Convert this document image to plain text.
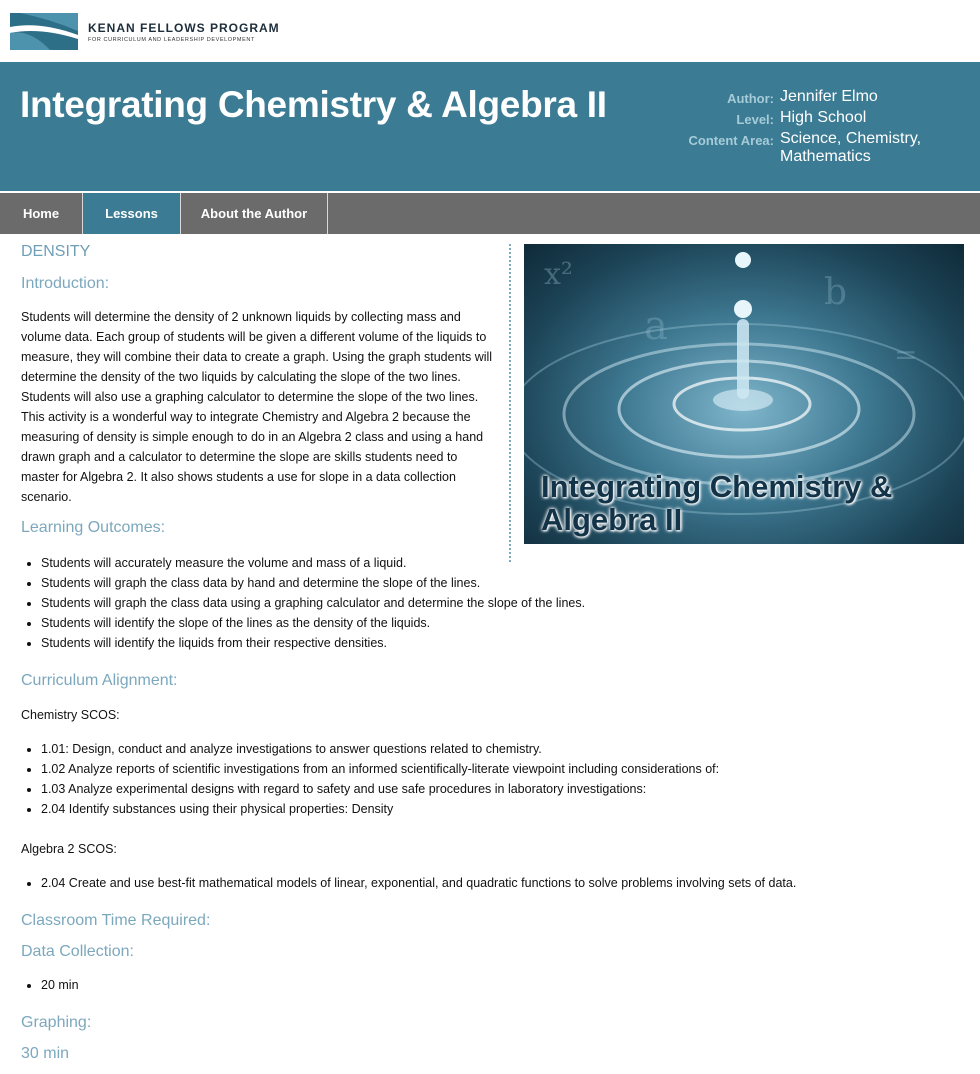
KENAN FELLOWS PROGRAM
FOR CURRICULUM AND LEADERSHIP DEVELOPMENT
Integrating Chemistry & Algebra II	Author: Jennifer Elmo
Level: High School
Content Area: Science, Chemistry, Mathematics
Home	Lessons	About the Author
DENSITY
Introduction:

Students will determine the density of 2 unknown liquids by collecting mass and volume data. Each group of students will be given a different volume of the liquids to measure, they will combine their data to create a graph. Using the graph students will determine the density of the two liquids by calculating the slope of the two lines. Students will also use a graphing calculator to determine the slope of the two lines. This activity is a wonderful way to integrate Chemistry and Algebra 2 because the measuring of density is simple enough to do in an Algebra 2 class and using a hand drawn graph and a calculator to determine the slope are skills students need to master for Algebra 2. It also shows students a use for slope in a data collection scenario.

Learning Outcomes:
x²
a
b
=
Integrating Chemistry & Algebra II
• Students will accurately measure the volume and mass of a liquid.
• Students will graph the class data by hand and determine the slope of the lines.
• Students will graph the class data using a graphing calculator and determine the slope of the lines.
• Students will identify the slope of the lines as the density of the liquids.
• Students will identify the liquids from their respective densities.
Curriculum Alignment:

Chemistry SCOS:

• 1.01: Design, conduct and analyze investigations to answer questions related to chemistry.
• 1.02 Analyze reports of scientific investigations from an informed scientifically-literate viewpoint including considerations of:
• 1.03 Analyze experimental designs with regard to safety and use safe procedures in laboratory investigations:
• 2.04 Identify substances using their physical properties: Density

Algebra 2 SCOS:

• 2.04 Create and use best-fit mathematical models of linear, exponential, and quadratic functions to solve problems involving sets of data.
Classroom Time Required:
Data Collection:
• 20 min
Graphing:
30 min
